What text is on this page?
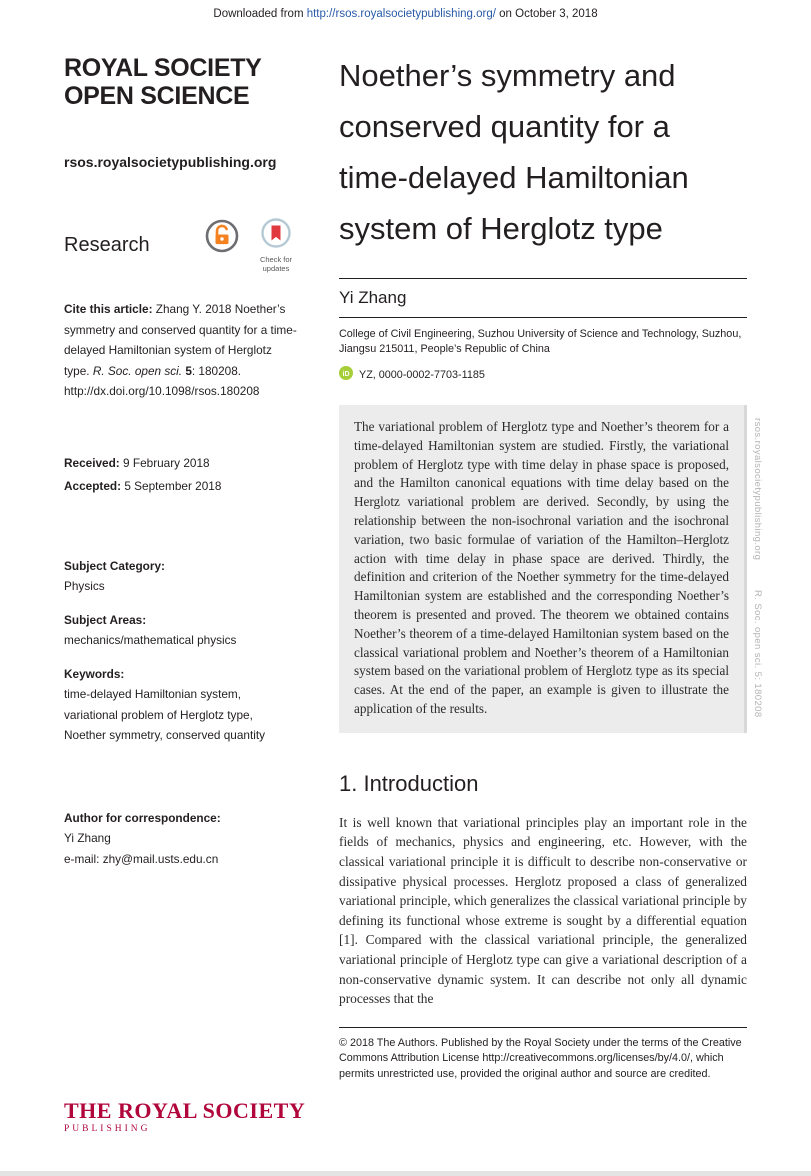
Downloaded from http://rsos.royalsocietypublishing.org/ on October 3, 2018
ROYAL SOCIETY
OPEN SCIENCE
rsos.royalsocietypublishing.org
Research
Check for updates

Cite this article: Zhang Y. 2018 Noether’s symmetry and conserved quantity for a time-delayed Hamiltonian system of Herglotz type. R. Soc. open sci. 5: 180208.
http://dx.doi.org/10.1098/rsos.180208

Received: 9 February 2018
Accepted: 5 September 2018
Subject Category:
Physics
Subject Areas:
mechanics/mathematical physics
Keywords:
time-delayed Hamiltonian system, variational problem of Herglotz type, Noether symmetry, conserved quantity
Author for correspondence:
Yi Zhang
e-mail: zhy@mail.usts.edu.cn
Noether’s symmetry and conserved quantity for a time-delayed Hamiltonian system of Herglotz type
Yi Zhang
College of Civil Engineering, Suzhou University of Science and Technology, Suzhou, Jiangsu 215011, People’s Republic of China
iD YZ, 0000-0002-7703-1185
The variational problem of Herglotz type and Noether’s theorem for a time-delayed Hamiltonian system are studied. Firstly, the variational problem of Herglotz type with time delay in phase space is proposed, and the Hamilton canonical equations with time delay based on the Herglotz variational problem are derived. Secondly, by using the relationship between the non-isochronal variation and the isochronal variation, two basic formulae of variation of the Hamilton–Herglotz action with time delay in phase space are derived. Thirdly, the definition and criterion of the Noether symmetry for the time-delayed Hamiltonian system are established and the corresponding Noether’s theorem is presented and proved. The theorem we obtained contains Noether’s theorem of a time-delayed Hamiltonian system based on the classical variational problem and Noether’s theorem of a Hamiltonian system based on the variational problem of Herglotz type as its special cases. At the end of the paper, an example is given to illustrate the application of the results.
1. Introduction

It is well known that variational principles play an important role in the fields of mechanics, physics and engineering, etc. However, with the classical variational principle it is difficult to describe non-conservative or dissipative physical processes. Herglotz proposed a class of generalized variational principle, which generalizes the classical variational principle by defining its functional whose extreme is sought by a differential equation [1]. Compared with the classical variational principle, the generalized variational principle of Herglotz type can give a variational description of a non-conservative dynamic system. It can describe not only all dynamic processes that the

© 2018 The Authors. Published by the Royal Society under the terms of the Creative Commons Attribution License http://creativecommons.org/licenses/by/4.0/, which permits unrestricted use, provided the original author and source are credited.
THE ROYAL SOCIETY
PUBLISHING
rsos.royalsocietypublishing.org
R. Soc. open sci. 5: 180208
